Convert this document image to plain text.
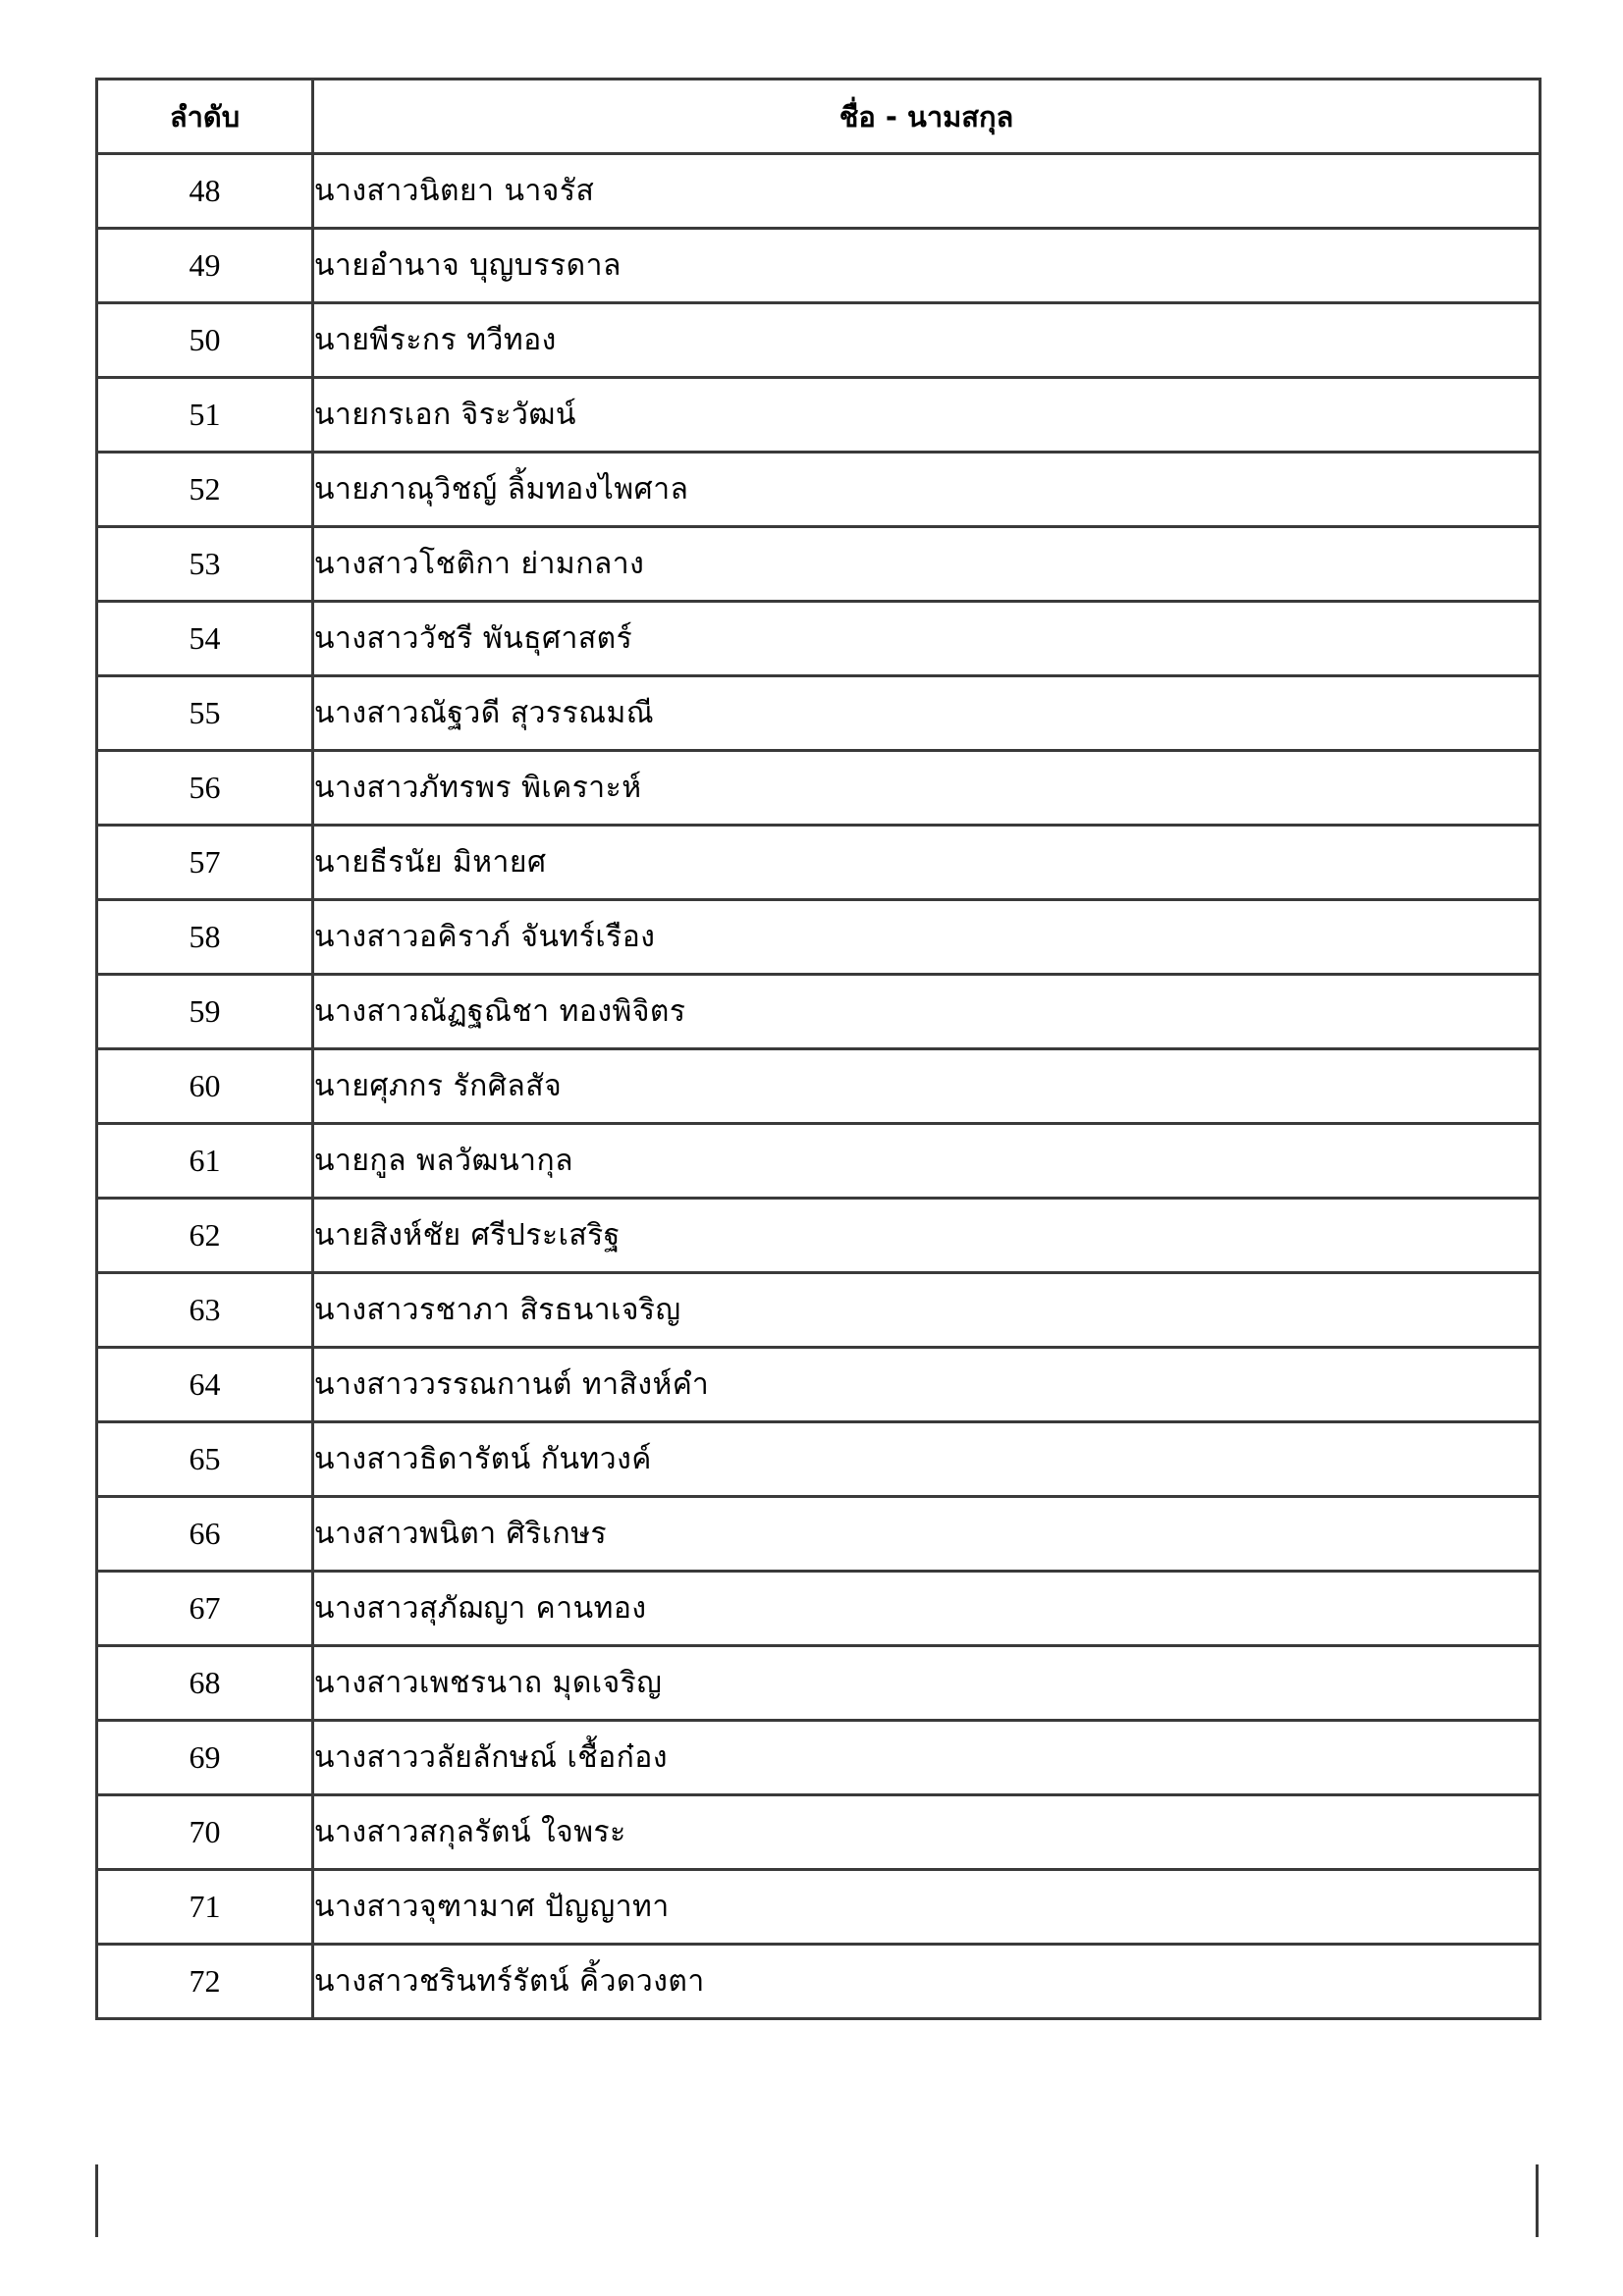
ลำดับ	ชื่อ - นามสกุล
48	นางสาวนิตยา นาจรัส
49	นายอำนาจ บุญบรรดาล
50	นายพีระกร ทวีทอง
51	นายกรเอก จิระวัฒน์
52	นายภาณุวิชญ์ ลิ้มทองไพศาล
53	นางสาวโชติกา ย่ามกลาง
54	นางสาววัชรี พันธุศาสตร์
55	นางสาวณัฐวดี สุวรรณมณี
56	นางสาวภัทรพร พิเคราะห์
57	นายธีรนัย มิหายศ
58	นางสาวอคิราภ์ จันทร์เรือง
59	นางสาวณัฏฐณิชา ทองพิจิตร
60	นายศุภกร รักศิลสัจ
61	นายกูล พลวัฒนากุล
62	นายสิงห์ชัย ศรีประเสริฐ
63	นางสาวรชาภา สิรธนาเจริญ
64	นางสาววรรณกานต์ ทาสิงห์คำ
65	นางสาวธิดารัตน์ กันทวงค์
66	นางสาวพนิตา ศิริเกษร
67	นางสาวสุภัฌญา คานทอง
68	นางสาวเพชรนาถ มุดเจริญ
69	นางสาววลัยลักษณ์ เชื้อก๋อง
70	นางสาวสกุลรัตน์ ใจพระ
71	นางสาวจุฑามาศ ปัญญาทา
72	นางสาวชรินทร์รัตน์ คิ้วดวงตา
